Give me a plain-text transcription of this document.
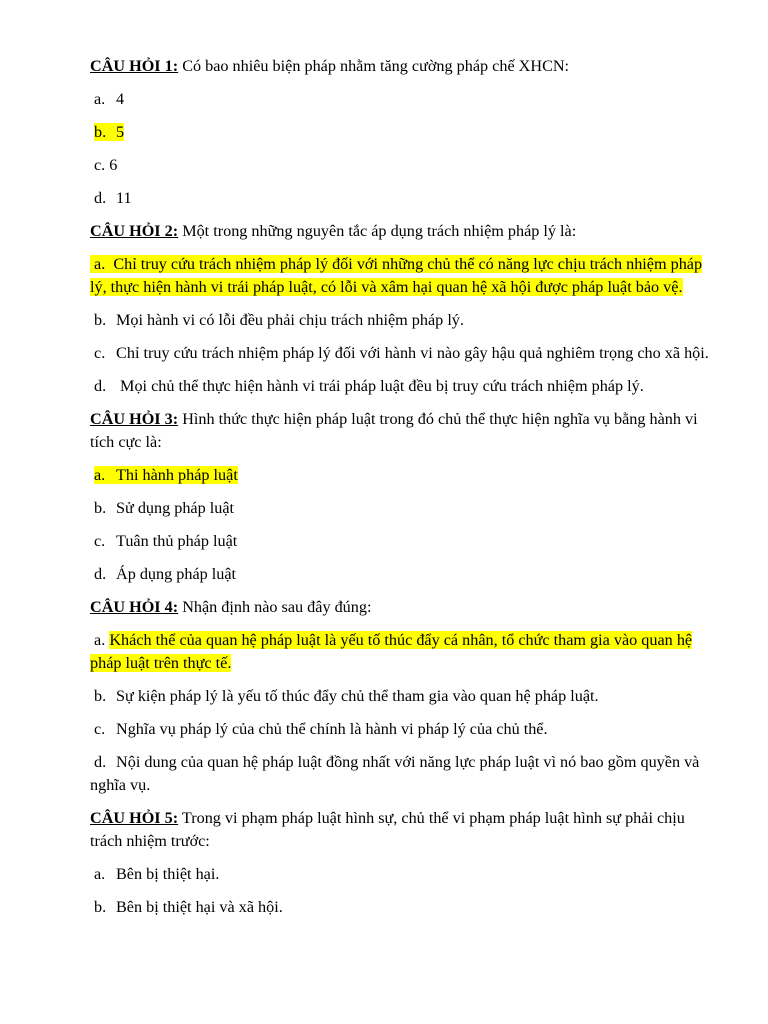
CÂU HỎI 1: Có bao nhiêu biện pháp nhằm tăng cường pháp chế XHCN:

a. 4

b. 5

c. 6

d. 11

CÂU HỎI 2: Một trong những nguyên tắc áp dụng trách nhiệm pháp lý là:

a. Chỉ truy cứu trách nhiệm pháp lý đối với những chủ thể có năng lực chịu trách nhiệm pháp lý, thực hiện hành vi trái pháp luật, có lỗi và xâm hại quan hệ xã hội được pháp luật bảo vệ.

b. Mọi hành vi có lỗi đều phải chịu trách nhiệm pháp lý.

c. Chỉ truy cứu trách nhiệm pháp lý đối với hành vi nào gây hậu quả nghiêm trọng cho xã hội.

d. Mọi chủ thể thực hiện hành vi trái pháp luật đều bị truy cứu trách nhiệm pháp lý.

CÂU HỎI 3: Hình thức thực hiện pháp luật trong đó chủ thể thực hiện nghĩa vụ bằng hành vi tích cực là:

a. Thi hành pháp luật

b. Sử dụng pháp luật

c. Tuân thủ pháp luật

d. Áp dụng pháp luật

CÂU HỎI 4: Nhận định nào sau đây đúng:

a. Khách thể của quan hệ pháp luật là yếu tố thúc đẩy cá nhân, tổ chức tham gia vào quan hệ pháp luật trên thực tế.

b. Sự kiện pháp lý là yếu tố thúc đẩy chủ thể tham gia vào quan hệ pháp luật.

c. Nghĩa vụ pháp lý của chủ thể chính là hành vi pháp lý của chủ thể.

d. Nội dung của quan hệ pháp luật đồng nhất với năng lực pháp luật vì nó bao gồm quyền và nghĩa vụ.

CÂU HỎI 5: Trong vi phạm pháp luật hình sự, chủ thể vi phạm pháp luật hình sự phải chịu trách nhiệm trước:

a. Bên bị thiệt hại.

b. Bên bị thiệt hại và xã hội.
